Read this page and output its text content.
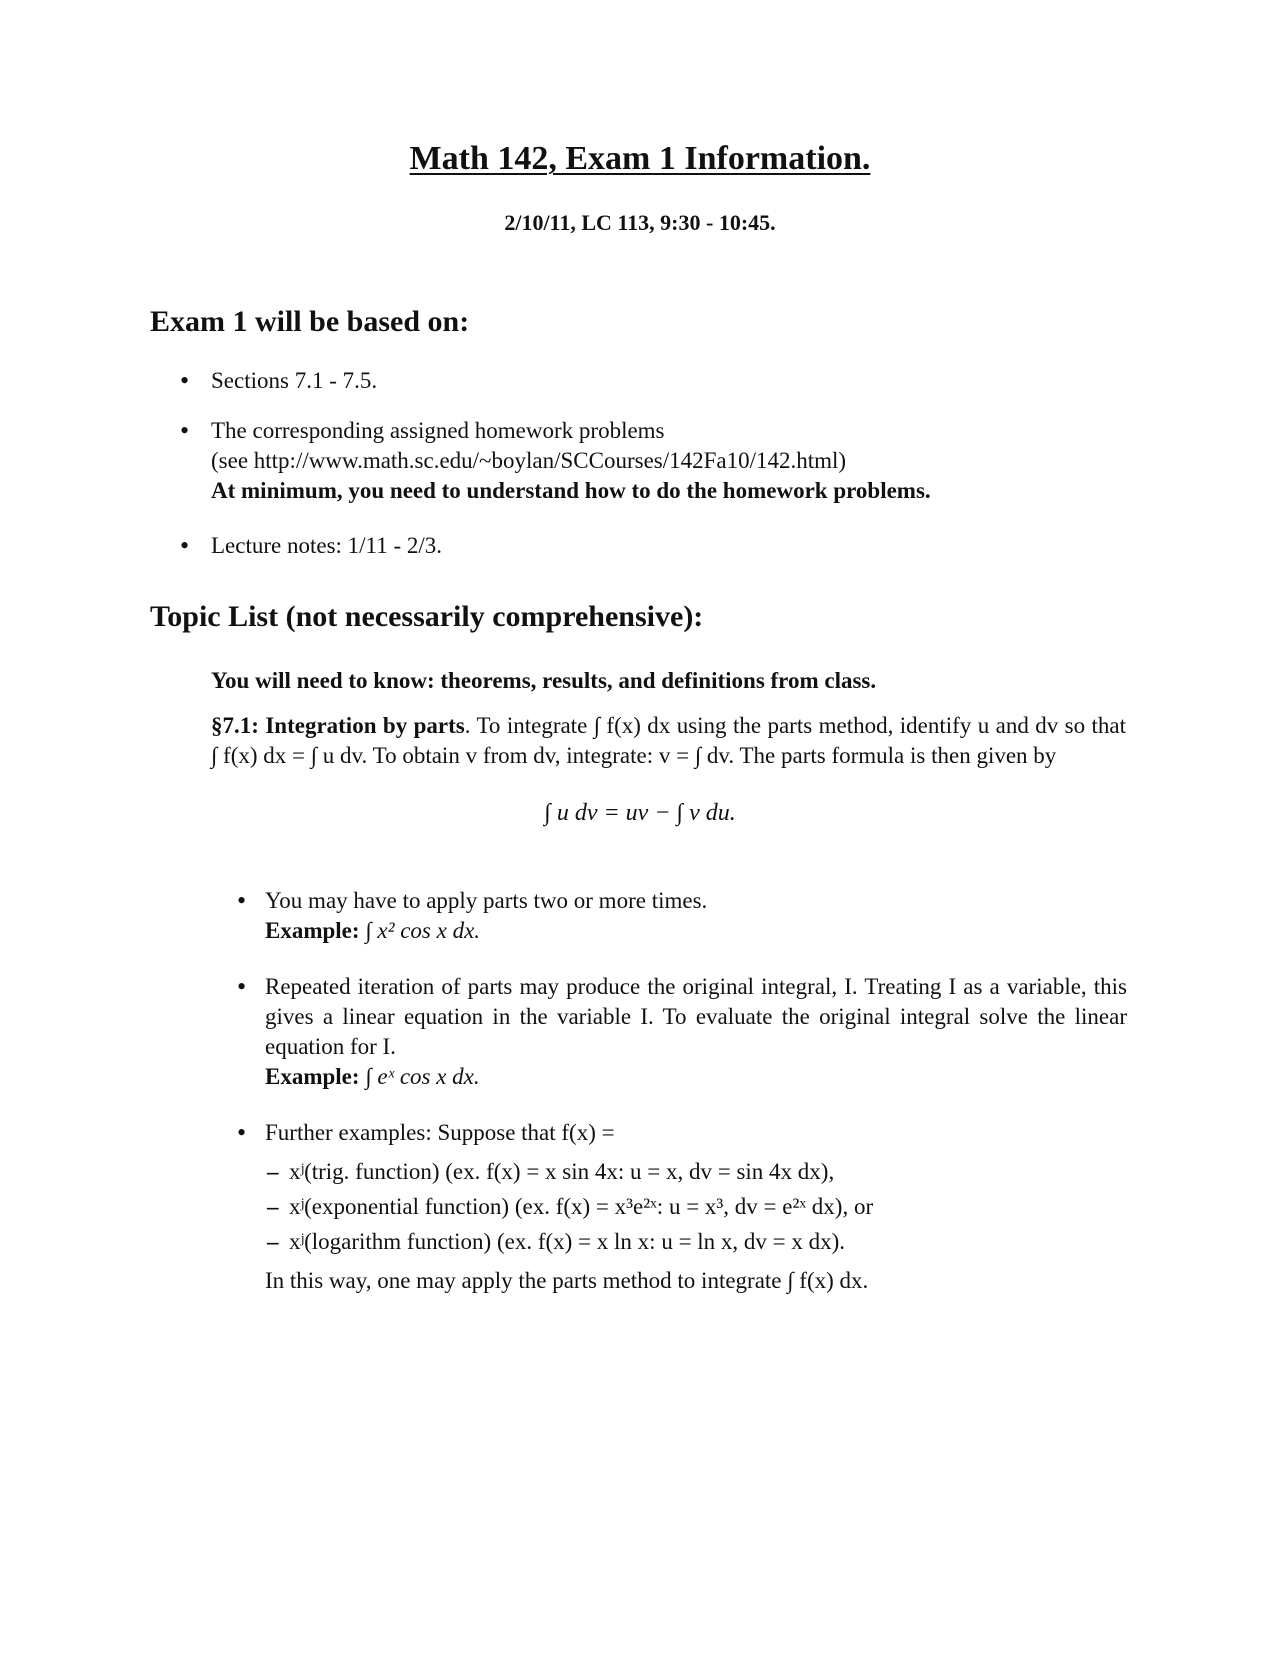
Math 142, Exam 1 Information.
2/10/11, LC 113, 9:30 - 10:45.
Exam 1 will be based on:
• Sections 7.1 - 7.5.
• The corresponding assigned homework problems
(see http://www.math.sc.edu/~boylan/SCCourses/142Fa10/142.html)
At minimum, you need to understand how to do the homework problems.
• Lecture notes: 1/11 - 2/3.
Topic List (not necessarily comprehensive):
You will need to know: theorems, results, and definitions from class.
§7.1: Integration by parts. To integrate ∫ f(x) dx using the parts method, identify u and dv so that ∫ f(x) dx = ∫ u dv. To obtain v from dv, integrate: v = ∫ dv. The parts formula is then given by
∫ u dv = uv − ∫ v du.
• You may have to apply parts two or more times.
Example: ∫ x² cos x dx.
• Repeated iteration of parts may produce the original integral, I. Treating I as a variable, this gives a linear equation in the variable I. To evaluate the original integral solve the linear equation for I.
Example: ∫ eˣ cos x dx.
• Further examples: Suppose that f(x) =
– xʲ(trig. function) (ex. f(x) = x sin 4x: u = x, dv = sin 4x dx),
– xʲ(exponential function) (ex. f(x) = x³e²ˣ: u = x³, dv = e²ˣ dx), or
– xʲ(logarithm function) (ex. f(x) = x ln x: u = ln x, dv = x dx).
In this way, one may apply the parts method to integrate ∫ f(x) dx.
